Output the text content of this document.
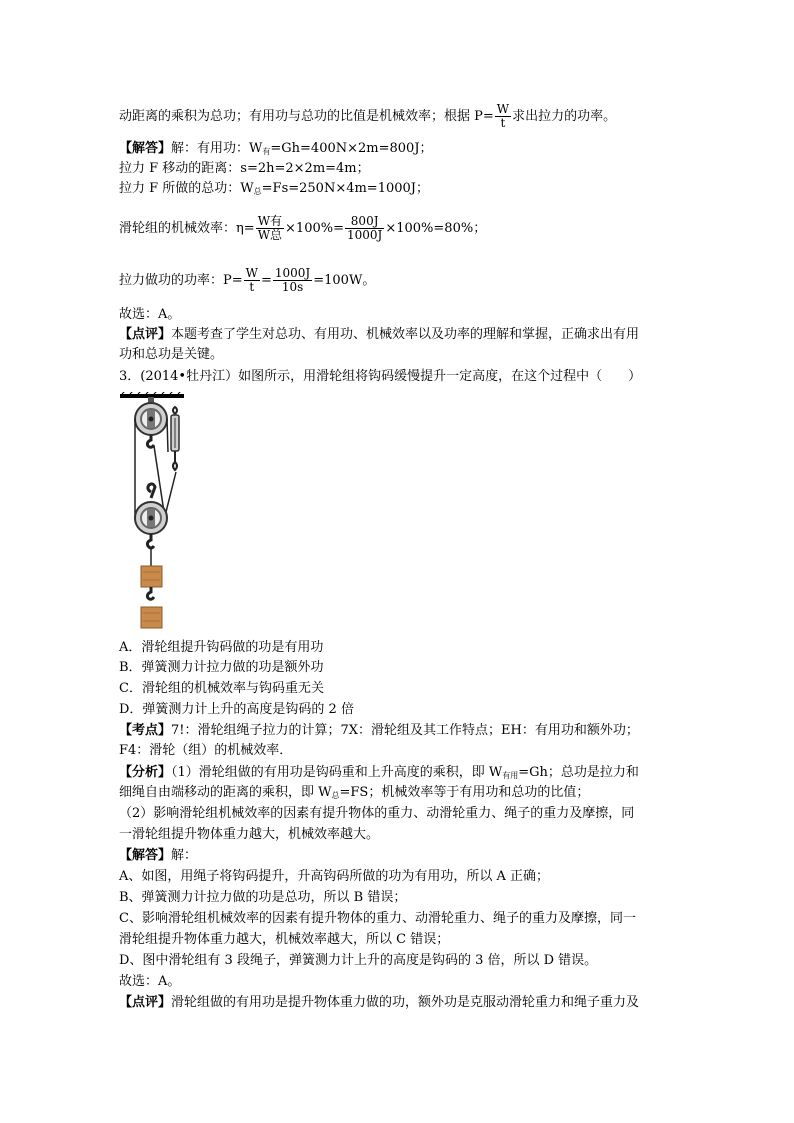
动距离的乘积为总功；有用功与总功的比值是机械效率；根据 $P= \frac{W}{t}$ 求出拉力的功率。
【解答】解：有用功：$W_有=Gh=400N\times 2m=800J$；
拉力 F 移动的距离：s=2h=2×2m=4m；
拉力 F 所做的总功：$W_总=Fs=250N\times 4m=1000J$；
滑轮组的机械效率：$\eta= \frac{\text{W有}}{\text{W总}} \times 100\%= \frac{800J}{1000J} \times 100\%=80\%$；
拉力做功的功率：$P= \frac{W}{t} = \frac{1000J}{10s} =100W$。
故选：A。
【点评】本题考查了学生对总功、有用功、机械效率以及功率的理解和掌握，正确求出有用
功和总功是关键。
3．(2014•牡丹江）如图所示，用滑轮组将钩码缓慢提升一定高度，在这个过程中（　　）
A．滑轮组提升钩码做的功是有用功
B．弹簧测力计拉力做的功是额外功
C．滑轮组的机械效率与钩码重无关
D．弹簧测力计上升的高度是钩码的 2 倍
【考点】7!：滑轮组绳子拉力的计算；7X：滑轮组及其工作特点；EH：有用功和额外功；
F4：滑轮（组）的机械效率．
【分析】（1）滑轮组做的有用功是钩码重和上升高度的乘积，即 $W_{有用}=Gh$；总功是拉力和
细绳自由端移动的距离的乘积，即 $W_总=FS$；机械效率等于有用功和总功的比值；
（2）影响滑轮组机械效率的因素有提升物体的重力、动滑轮重力、绳子的重力及摩擦，同
一滑轮组提升物体重力越大，机械效率越大。
【解答】解：
A、如图，用绳子将钩码提升，升高钩码所做的功为有用功，所以 A 正确；
B、弹簧测力计拉力做的功是总功，所以 B 错误；
C、影响滑轮组机械效率的因素有提升物体的重力、动滑轮重力、绳子的重力及摩擦，同一
滑轮组提升物体重力越大，机械效率越大，所以 C 错误；
D、图中滑轮组有 3 段绳子，弹簧测力计上升的高度是钩码的 3 倍，所以 D 错误。
故选：A。
【点评】滑轮组做的有用功是提升物体重力做的功，额外功是克服动滑轮重力和绳子重力及
